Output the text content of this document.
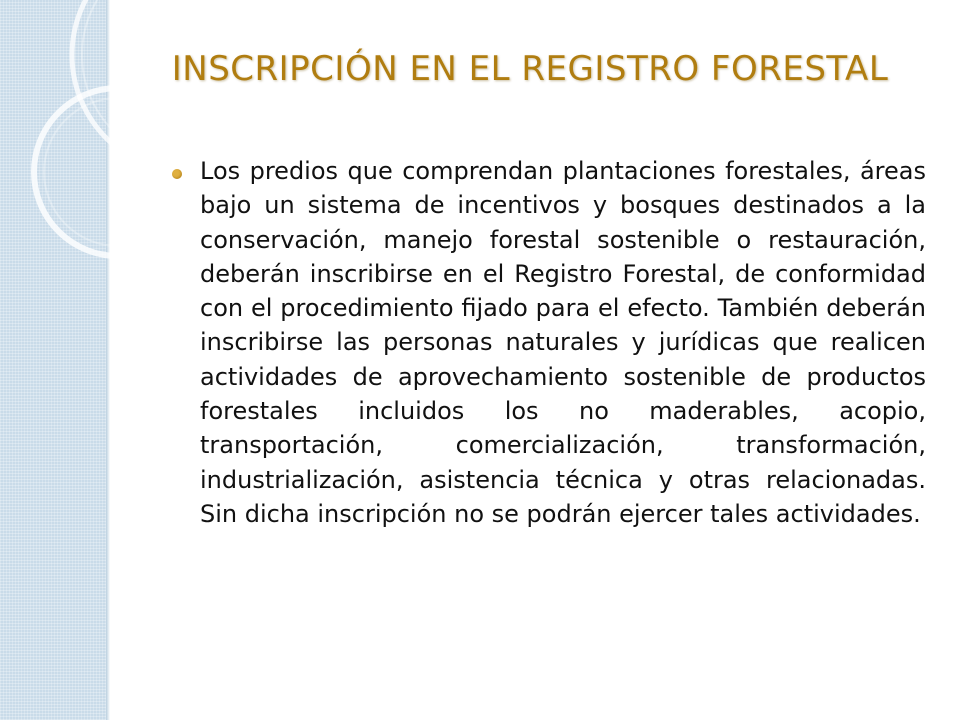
INSCRIPCIÓN EN EL REGISTRO FORESTAL

Los predios que comprendan plantaciones forestales, áreas bajo un sistema de incentivos y bosques destinados a la conservación, manejo forestal sostenible o restauración, deberán inscribirse en el Registro Forestal, de conformidad con el procedimiento fijado para el efecto. También deberán inscribirse las personas naturales y jurídicas que realicen actividades de aprovechamiento sostenible de productos forestales incluidos los no maderables, acopio, transportación, comercialización, transformación, industrialización, asistencia técnica y otras relacionadas. Sin dicha inscripción no se podrán ejercer tales actividades.
